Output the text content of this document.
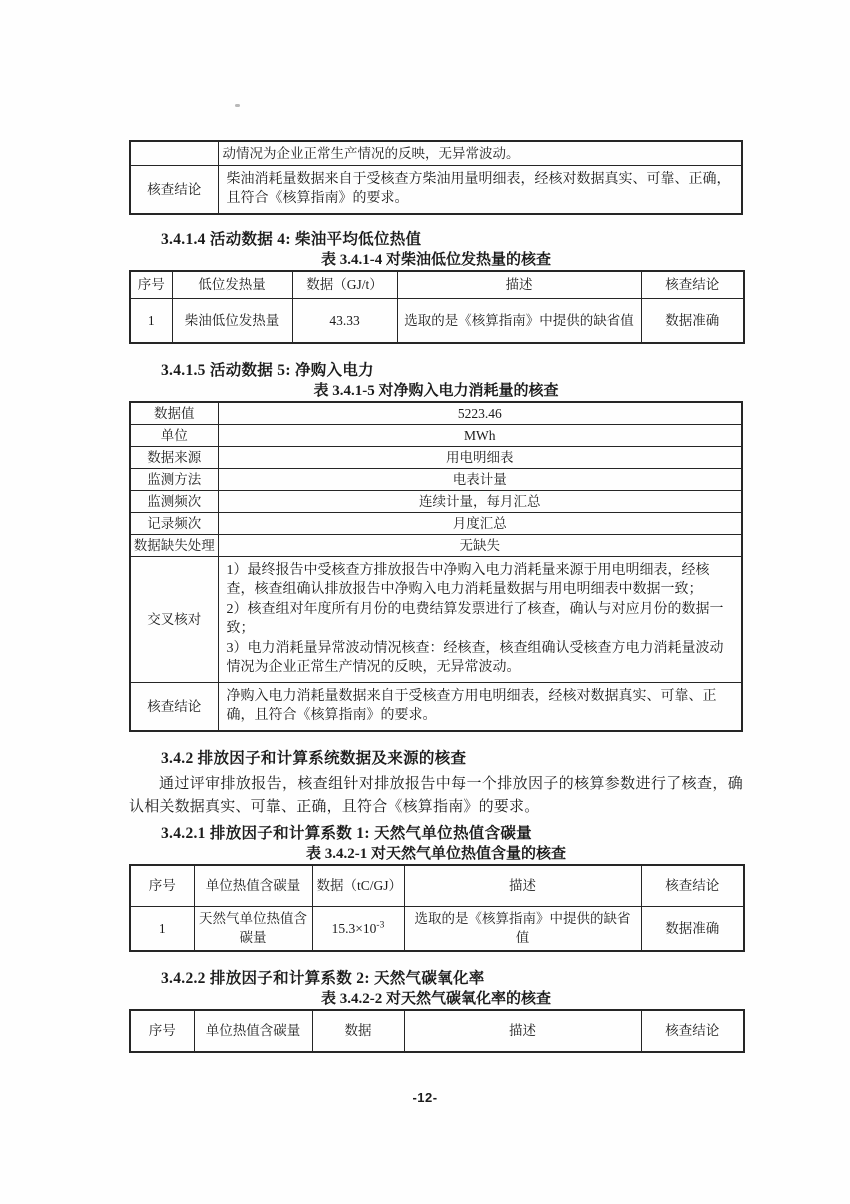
	动情况为企业正常生产情况的反映，无异常波动。
核查结论	柴油消耗量数据来自于受核查方柴油用量明细表，经核对数据真实、可靠、正确，且符合《核算指南》的要求。
3.4.1.4 活动数据 4: 柴油平均低位热值
表 3.4.1-4 对柴油低位发热量的核查
序号	低位发热量	数据（GJ/t）	描述	核查结论
1	柴油低位发热量	43.33	选取的是《核算指南》中提供的缺省值	数据准确
3.4.1.5 活动数据 5: 净购入电力
表 3.4.1-5 对净购入电力消耗量的核查
数据值	5223.46
单位	MWh
数据来源	用电明细表
监测方法	电表计量
监测频次	连续计量，每月汇总
记录频次	月度汇总
数据缺失处理	无缺失
交叉核对	1）最终报告中受核查方排放报告中净购入电力消耗量来源于用电明细表，经核查，核查组确认排放报告中净购入电力消耗量数据与用电明细表中数据一致；
2）核查组对年度所有月份的电费结算发票进行了核查，确认与对应月份的数据一致；
3）电力消耗量异常波动情况核查：经核查，核查组确认受核查方电力消耗量波动情况为企业正常生产情况的反映，无异常波动。

核查结论	净购入电力消耗量数据来自于受核查方用电明细表，经核对数据真实、可靠、正确，且符合《核算指南》的要求。
3.4.2 排放因子和计算系统数据及来源的核查

通过评审排放报告，核查组针对排放报告中每一个排放因子的核算参数进行了核查，确认相关数据真实、可靠、正确，且符合《核算指南》的要求。

3.4.2.1 排放因子和计算系数 1: 天然气单位热值含碳量
表 3.4.2-1 对天然气单位热值含量的核查
序号	单位热值含碳量	数据（tC/GJ）	描述	核查结论
1	天然气单位热值含碳量	$15.3\times 10^{-3}$	选取的是《核算指南》中提供的缺省值	数据准确
3.4.2.2 排放因子和计算系数 2: 天然气碳氧化率
表 3.4.2-2 对天然气碳氧化率的核查
序号	单位热值含碳量	数据	描述	核查结论
-12-
